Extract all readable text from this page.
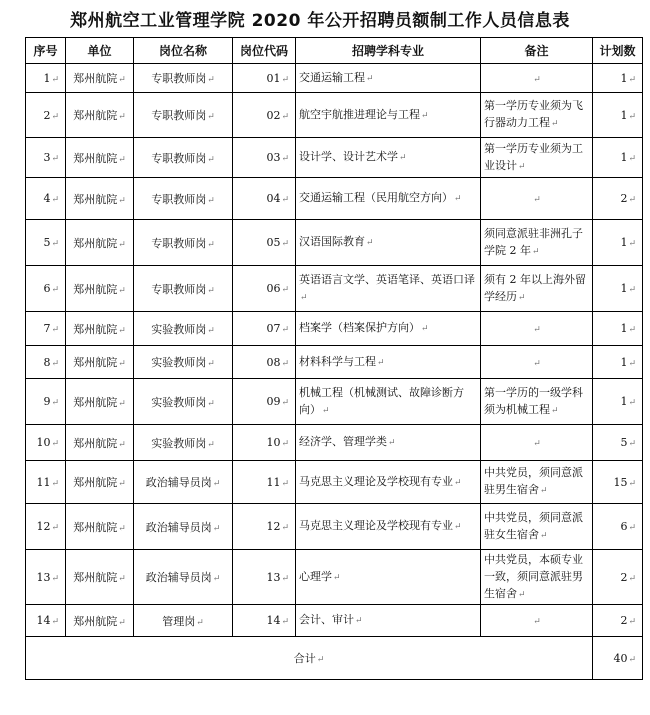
郑州航空工业管理学院 2020 年公开招聘员额制工作人员信息表
序号	单位	岗位名称	岗位代码	招聘学科专业	备注	计划数
1↵	郑州航院↵	专职教师岗↵	01↵	交通运输工程↵	↵	1↵
2↵	郑州航院↵	专职教师岗↵	02↵	航空宇航推进理论与工程↵	第一学历专业须为飞行器动力工程↵	1↵
3↵	郑州航院↵	专职教师岗↵	03↵	设计学、设计艺术学↵	第一学历专业须为工业设计↵	1↵
4↵	郑州航院↵	专职教师岗↵	04↵	交通运输工程（民用航空方向）↵	↵	2↵
5↵	郑州航院↵	专职教师岗↵	05↵	汉语国际教育↵	须同意派驻非洲孔子学院 2 年↵	1↵
6↵	郑州航院↵	专职教师岗↵	06↵	英语语言文学、英语笔译、英语口译↵	须有 2 年以上海外留学经历↵	1↵
7↵	郑州航院↵	实验教师岗↵	07↵	档案学（档案保护方向）↵	↵	1↵
8↵	郑州航院↵	实验教师岗↵	08↵	材料科学与工程↵	↵	1↵
9↵	郑州航院↵	实验教师岗↵	09↵	机械工程（机械测试、故障诊断方向）↵	第一学历的一级学科须为机械工程↵	1↵
10↵	郑州航院↵	实验教师岗↵	10↵	经济学、管理学类↵	↵	5↵
11↵	郑州航院↵	政治辅导员岗↵	11↵	马克思主义理论及学校现有专业↵	中共党员，须同意派驻男生宿舍↵	15↵
12↵	郑州航院↵	政治辅导员岗↵	12↵	马克思主义理论及学校现有专业↵	中共党员，须同意派驻女生宿舍↵	6↵
13↵	郑州航院↵	政治辅导员岗↵	13↵	心理学↵	中共党员，本硕专业一致，须同意派驻男生宿舍↵	2↵
14↵	郑州航院↵	管理岗↵	14↵	会计、审计↵	↵	2↵
合计↵						40↵
